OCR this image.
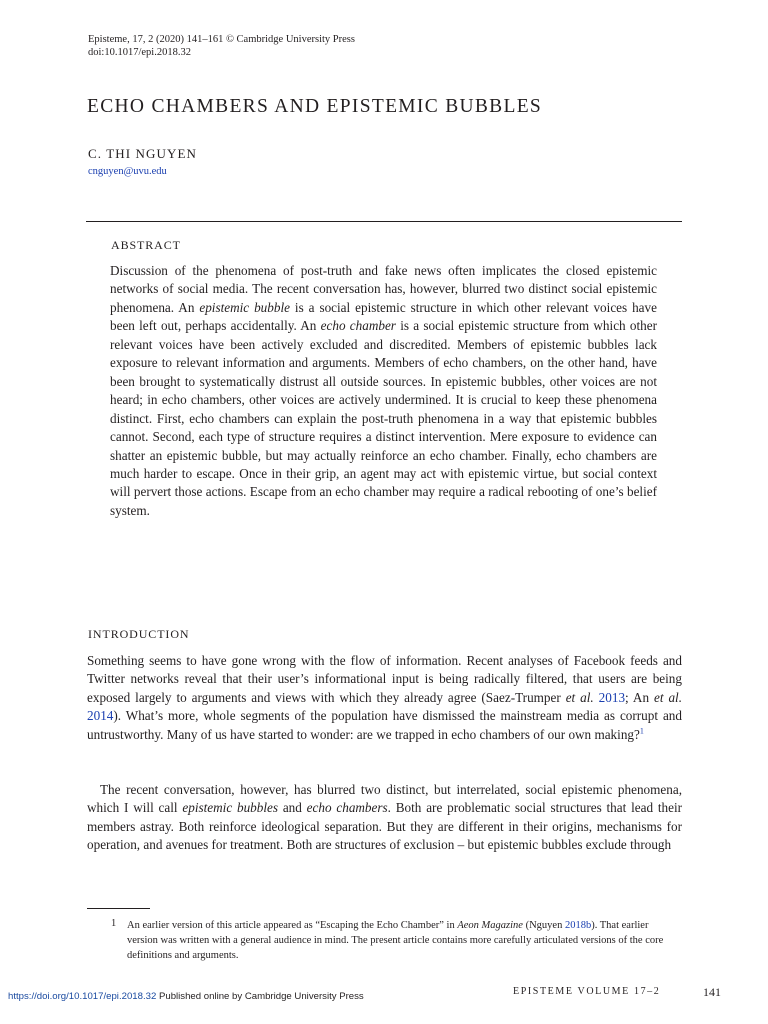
Episteme, 17, 2 (2020) 141–161 © Cambridge University Press
doi:10.1017/epi.2018.32
ECHO CHAMBERS AND EPISTEMIC BUBBLES
C. THI NGUYEN
cnguyen@uvu.edu
ABSTRACT
Discussion of the phenomena of post-truth and fake news often implicates the closed epistemic networks of social media. The recent conversation has, however, blurred two distinct social epistemic phenomena. An epistemic bubble is a social epistemic structure in which other relevant voices have been left out, perhaps accidentally. An echo chamber is a social epistemic structure from which other relevant voices have been actively excluded and discredited. Members of epistemic bubbles lack exposure to relevant information and arguments. Members of echo chambers, on the other hand, have been brought to systematically distrust all outside sources. In epistemic bubbles, other voices are not heard; in echo chambers, other voices are actively undermined. It is crucial to keep these phenomena distinct. First, echo chambers can explain the post-truth phenomena in a way that epistemic bubbles cannot. Second, each type of structure requires a distinct intervention. Mere exposure to evidence can shatter an epistemic bubble, but may actually reinforce an echo chamber. Finally, echo chambers are much harder to escape. Once in their grip, an agent may act with epistemic virtue, but social context will pervert those actions. Escape from an echo chamber may require a radical rebooting of one’s belief system.
INTRODUCTION
Something seems to have gone wrong with the flow of information. Recent analyses of Facebook feeds and Twitter networks reveal that their user’s informational input is being radically filtered, that users are being exposed largely to arguments and views with which they already agree (Saez-Trumper et al. 2013; An et al. 2014). What’s more, whole segments of the population have dismissed the mainstream media as corrupt and untrustworthy. Many of us have started to wonder: are we trapped in echo chambers of our own making?$^1$
The recent conversation, however, has blurred two distinct, but interrelated, social epistemic phenomena, which I will call epistemic bubbles and echo chambers. Both are problematic social structures that lead their members astray. Both reinforce ideological separation. But they are different in their origins, mechanisms for operation, and avenues for treatment. Both are structures of exclusion – but epistemic bubbles exclude through
1 An earlier version of this article appeared as “Escaping the Echo Chamber” in Aeon Magazine (Nguyen 2018b). That earlier version was written with a general audience in mind. The present article contains more carefully articulated versions of the core definitions and arguments.
https://doi.org/10.1017/epi.2018.32 Published online by Cambridge University Press	EPISTEME VOLUME 17–2	141
